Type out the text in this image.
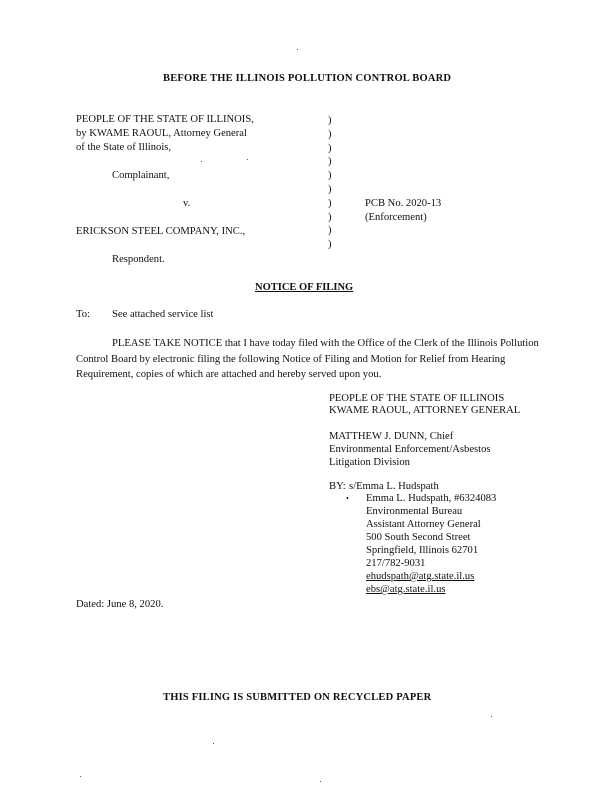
BEFORE THE ILLINOIS POLLUTION CONTROL BOARD
PEOPLE OF THE STATE OF ILLINOIS,
by KWAME RAOUL, Attorney General
of the State of Illinois,
Complainant,
v.
ERICKSON STEEL COMPANY, INC.,
Respondent.
)
)
)
)
)
)
)
)
)
)
PCB No. 2020-13
(Enforcement)
NOTICE OF FILING
To: See attached service list
PLEASE TAKE NOTICE that I have today filed with the Office of the Clerk of the Illinois Pollution Control Board by electronic filing the following Notice of Filing and Motion for Relief from Hearing Requirement, copies of which are attached and hereby served upon you.
PEOPLE OF THE STATE OF ILLINOIS
KWAME RAOUL, ATTORNEY GENERAL
MATTHEW J. DUNN, Chief
Environmental Enforcement/Asbestos
Litigation Division
BY: s/Emma L. Hudspath
• Emma L. Hudspath, #6324083
Environmental Bureau
Assistant Attorney General
500 South Second Street
Springfield, Illinois 62701
217/782-9031
ehudspath@atg.state.il.us
ebs@atg.state.il.us
Dated: June 8, 2020.
THIS FILING IS SUBMITTED ON RECYCLED PAPER
